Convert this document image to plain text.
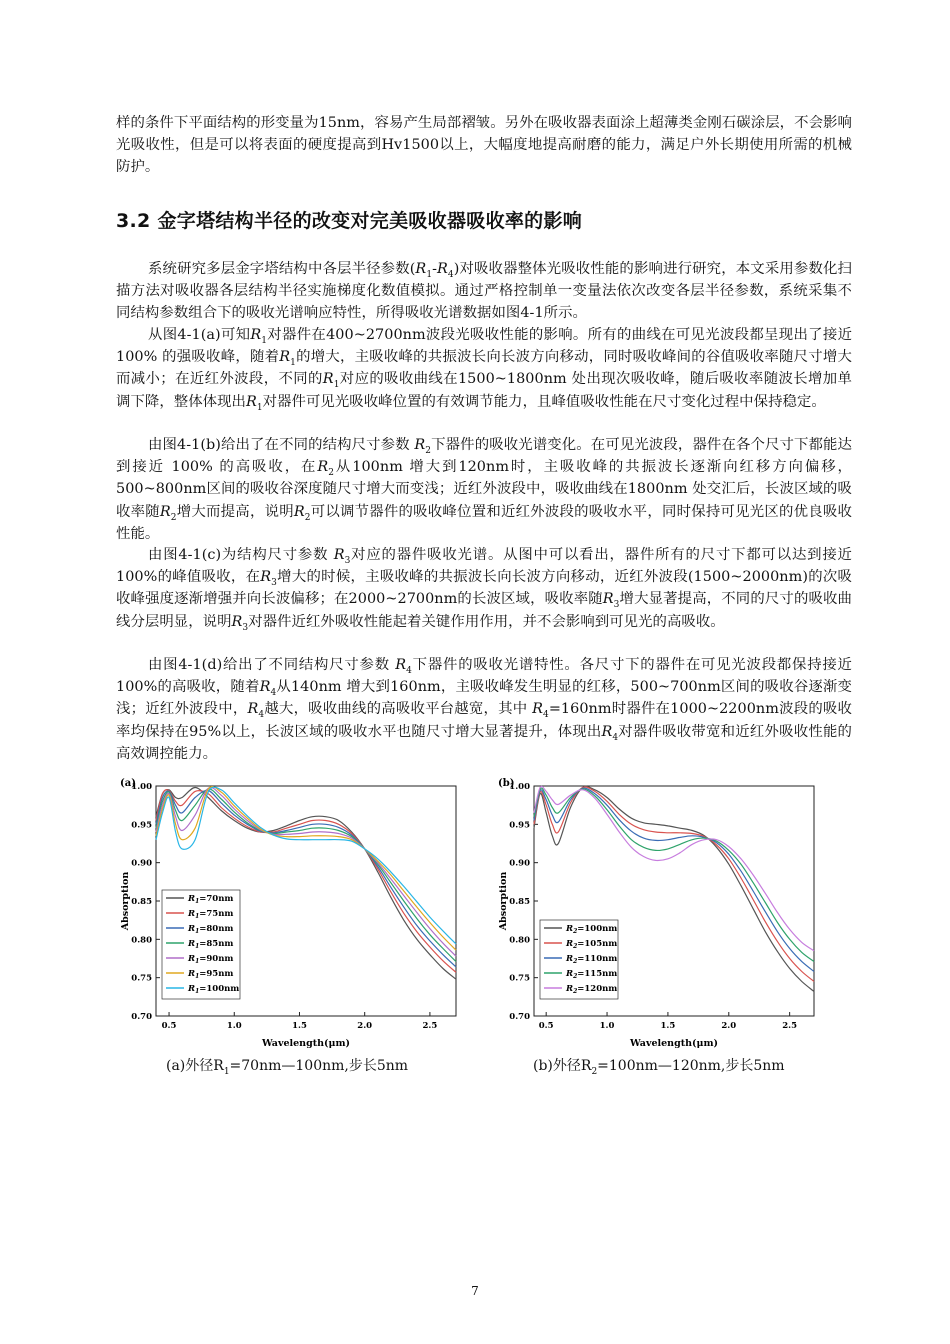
样的条件下平面结构的形变量为15nm，容易产生局部褶皱。另外在吸收器表面涂上超薄类金刚石碳涂层，不会影响光吸收性，但是可以将表面的硬度提高到Hv1500以上，大幅度地提高耐磨的能力，满足户外长期使用所需的机械防护。

3.2 金字塔结构半径的改变对完美吸收器吸收率的影响

系统研究多层金字塔结构中各层半径参数$(R_1-R_4)$对吸收器整体光吸收性能的影响进行研究，本文采用参数化扫描方法对吸收器各层结构半径实施梯度化数值模拟。通过严格控制单一变量法依次改变各层半径参数，系统采集不同结构参数组合下的吸收光谱响应特性，所得吸收光谱数据如图4-1所示。

从图4-1(a)可知$R_1$对器件在400~2700nm波段光吸收性能的影响。所有的曲线在可见光波段都呈现出了接近 100% 的强吸收峰，随着$R_1$的增大，主吸收峰的共振波长向长波方向移动，同时吸收峰间的谷值吸收率随尺寸增大而减小；在近红外波段，不同的$R_1$对应的吸收曲线在1500~1800nm 处出现次吸收峰，随后吸收率随波长增加单调下降，整体体现出$R_1$对器件可见光吸收峰位置的有效调节能力，且峰值吸收性能在尺寸变化过程中保持稳定。

由图4-1(b)给出了在不同的结构尺寸参数 $R_2$下器件的吸收光谱变化。在可见光波段，器件在各个尺寸下都能达到接近 100% 的高吸收，在$R_2$从100nm 增大到120nm时，主吸收峰的共振波长逐渐向红移方向偏移，500~800nm区间的吸收谷深度随尺寸增大而变浅；近红外波段中，吸收曲线在1800nm 处交汇后，长波区域的吸收率随$R_2$增大而提高，说明$R_2$可以调节器件的吸收峰位置和近红外波段的吸收水平，同时保持可见光区的优良吸收性能。

由图4-1(c)为结构尺寸参数 $R_3$对应的器件吸收光谱。从图中可以看出，器件所有的尺寸下都可以达到接近100%的峰值吸收，在$R_3$增大的时候，主吸收峰的共振波长向长波方向移动，近红外波段(1500~2000nm)的次吸收峰强度逐渐增强并向长波偏移；在2000~2700nm的长波区域，吸收率随$R_3$增大显著提高，不同的尺寸的吸收曲线分层明显，说明$R_3$对器件近红外吸收性能起着关键作用作用，并不会影响到可见光的高吸收。

由图4-1(d)给出了不同结构尺寸参数 $R_4$下器件的吸收光谱特性。各尺寸下的器件在可见光波段都保持接近100%的高吸收，随着$R_4$从140nm 增大到160nm，主吸收峰发生明显的红移，500~700nm区间的吸收谷逐渐变浅；近红外波段中，$R_4$越大，吸收曲线的高吸收平台越宽，其中 $R_4=160nm$时器件在1000~2200nm波段的吸收率均保持在95%以上，长波区域的吸收水平也随尺寸增大显著提升，体现出$R_4$对器件吸收带宽和近红外吸收性能的高效调控能力。

(a)
0.70
0.75
0.80
0.85
0.90
0.95
1.00
0.5	1.0	1.5	2.0	2.5
Wavelength(μm)
Absorption	$R_1=70nm$
$R_1=75nm$
$R_1=80nm$
$R_1=85nm$
$R_1=90nm$
$R_1=95nm$
$R_1=100nm$
(a)外径$R_1=70nm—100nm$,步长5nm
(b)
0.70
0.75
0.80
0.85
0.90
0.95
1.00
0.5	1.0	1.5	2.0	2.5
Wavelength(μm)
Absorption	$R_2=100nm$
$R_2=105nm$
$R_2=110nm$
$R_2=115nm$
$R_2=120nm$
(b)外径$R_2=100nm—120nm$,步长5nm
7
